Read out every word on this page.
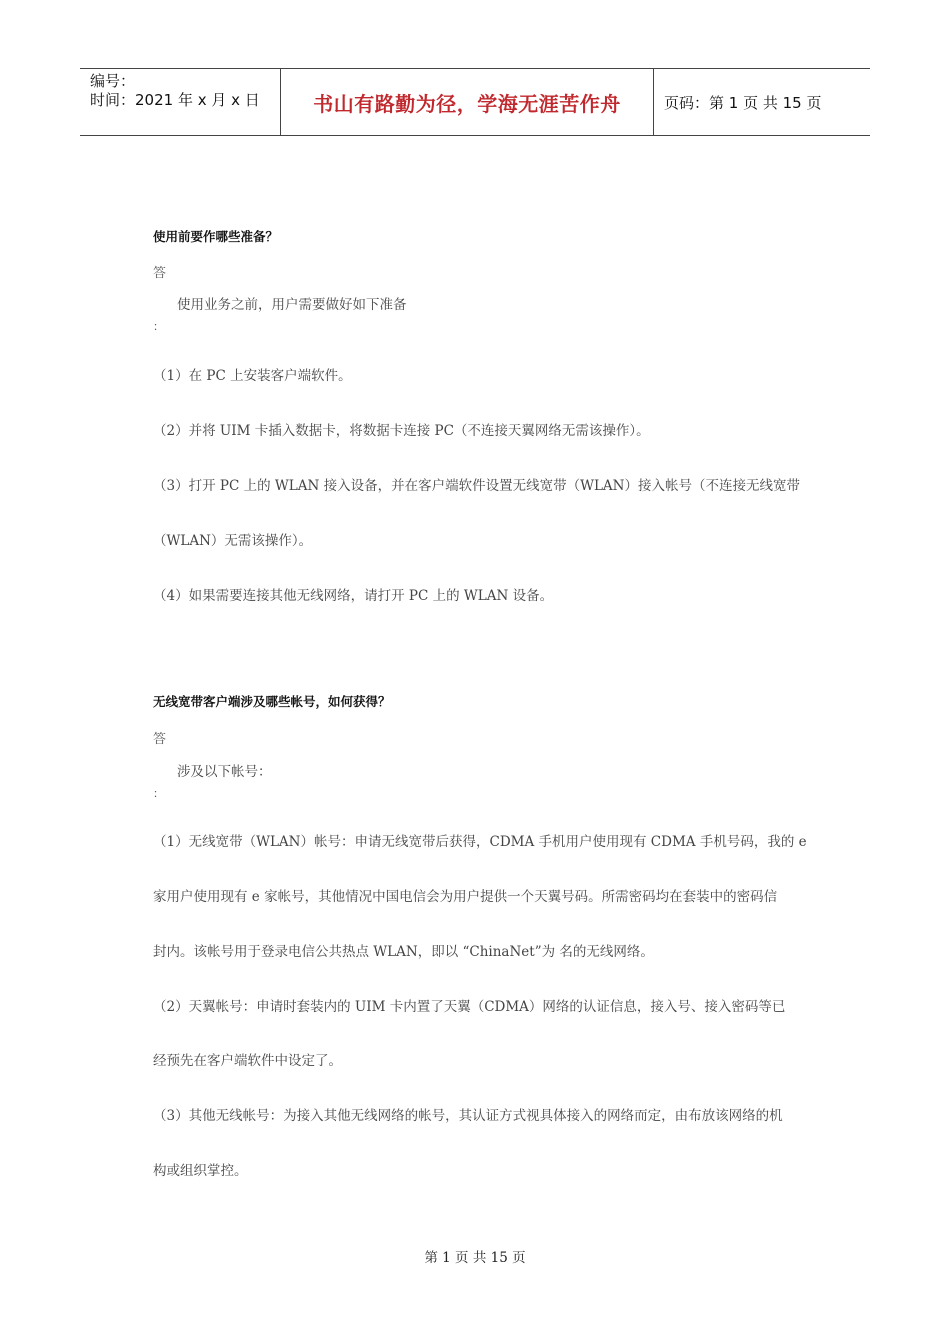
编号：
时间：2021 年 x 月 x 日	书山有路勤为径，学海无涯苦作舟	页码：第 1 页 共 15 页
使用前要作哪些准备？
答
使用业务之前，用户需要做好如下准备
：
（1）在 PC 上安装客户端软件。
（2）并将 UIM 卡插入数据卡，将数据卡连接 PC（不连接天翼网络无需该操作）。
（3）打开 PC 上的 WLAN 接入设备，并在客户端软件设置无线宽带（WLAN）接入帐号（不连接无线宽带
（WLAN）无需该操作）。
（4）如果需要连接其他无线网络，请打开 PC 上的 WLAN 设备。
无线宽带客户端涉及哪些帐号，如何获得？
答
涉及以下帐号：
：
（1）无线宽带（WLAN）帐号：申请无线宽带后获得，CDMA 手机用户使用现有 CDMA 手机号码，我的 e
家用户使用现有 e 家帐号，其他情况中国电信会为用户提供一个天翼号码。所需密码均在套装中的密码信
封内。该帐号用于登录电信公共热点 WLAN，即以 “ChinaNet”为 名的无线网络。
（2）天翼帐号：申请时套装内的 UIM 卡内置了天翼（CDMA）网络的认证信息，接入号、接入密码等已
经预先在客户端软件中设定了。
（3）其他无线帐号：为接入其他无线网络的帐号，其认证方式视具体接入的网络而定，由布放该网络的机
构或组织掌控。
第 1 页 共 15 页
